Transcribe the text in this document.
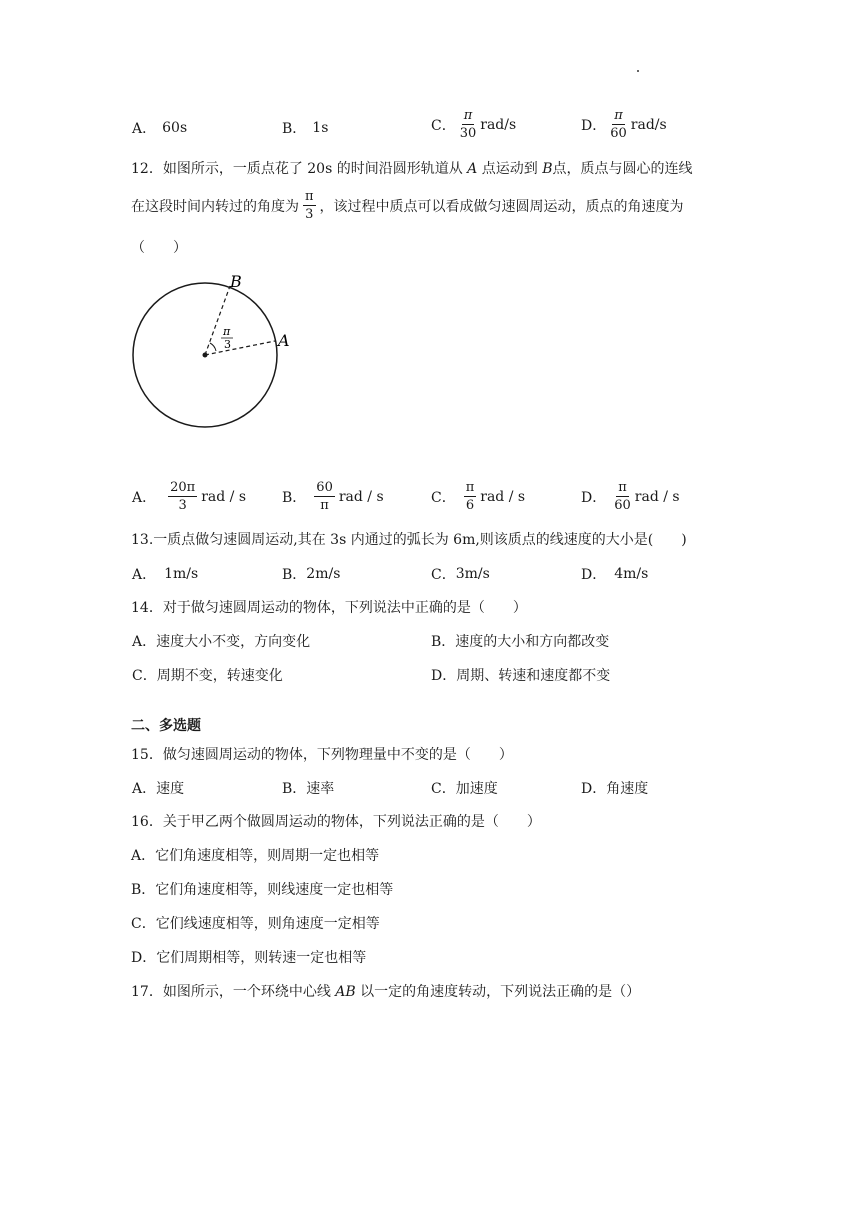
A． 60s	B． 1s	C． $\frac{\pi}{30} rad/s$	D． $\frac{\pi}{60} rad/s$
12．如图所示，一质点花了 20s 的时间沿圆形轨道从 A 点运动到 B点，质点与圆心的连线
在这段时间内转过的角度为 $\frac{\pi}{3}$ ，该过程中质点可以看成做匀速圆周运动，质点的角速度为
（　　）
π
3
B
A
A． $\frac{20\pi}{3}$ rad / s	B． $\frac{60}{\pi}$ rad / s	C． $\frac{\pi}{6}$ rad / s	D． $\frac{\pi}{60}$ rad / s
13.一质点做匀速圆周运动,其在 3s 内通过的弧长为 6m,则该质点的线速度的大小是(　　)
A． 1m/s	B． 2m/s	C． 3m/s	D． 4m/s
14．对于做匀速圆周运动的物体，下列说法中正确的是（　　）
A． 速度大小不变，方向变化	B． 速度的大小和方向都改变
C． 周期不变，转速变化	D． 周期、转速和速度都不变
二、多选题
15．做匀速圆周运动的物体，下列物理量中不变的是（　　）
A． 速度	B． 速率	C． 加速度	D． 角速度
16．关于甲乙两个做圆周运动的物体，下列说法正确的是（　　）
A．它们角速度相等，则周期一定也相等
B．它们角速度相等，则线速度一定也相等
C．它们线速度相等，则角速度一定相等
D．它们周期相等，则转速一定也相等
17．如图所示，一个环绕中心线 AB 以一定的角速度转动，下列说法正确的是（）
